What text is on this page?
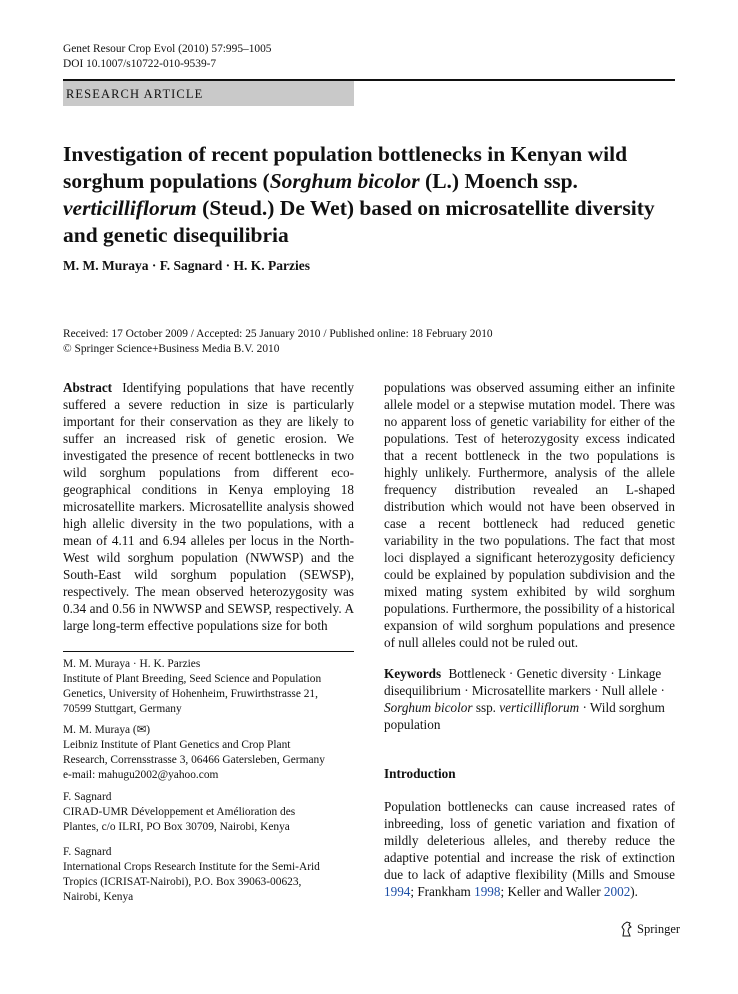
Genet Resour Crop Evol (2010) 57:995–1005
DOI 10.1007/s10722-010-9539-7
RESEARCH ARTICLE
Investigation of recent population bottlenecks in Kenyan wild sorghum populations (Sorghum bicolor (L.) Moench ssp. verticilliflorum (Steud.) De Wet) based on microsatellite diversity and genetic disequilibria
M. M. Muraya · F. Sagnard · H. K. Parzies
Received: 17 October 2009 / Accepted: 25 January 2010 / Published online: 18 February 2010
© Springer Science+Business Media B.V. 2010

Abstract Identifying populations that have recently suffered a severe reduction in size is particularly important for their conservation as they are likely to suffer an increased risk of genetic erosion. We investigated the presence of recent bottlenecks in two wild sorghum populations from different eco-geographical conditions in Kenya employing 18 microsatellite markers. Microsatellite analysis showed high allelic diversity in the two populations, with a mean of 4.11 and 6.94 alleles per locus in the North-West wild sorghum population (NWWSP) and the South-East wild sorghum population (SEWSP), respectively. The mean observed heterozygosity was 0.34 and 0.56 in NWWSP and SEWSP, respectively. A large long-term effective populations size for both

populations was observed assuming either an infinite allele model or a stepwise mutation model. There was no apparent loss of genetic variability for either of the populations. Test of heterozygosity excess indicated that a recent bottleneck in the two populations is highly unlikely. Furthermore, analysis of the allele frequency distribution revealed an L-shaped distribution which would not have been observed in case a recent bottleneck had reduced genetic variability in the two populations. The fact that most loci displayed a significant heterozygosity deficiency could be explained by population subdivision and the mixed mating system exhibited by wild sorghum populations. Furthermore, the possibility of a historical expansion of wild sorghum populations and presence of null alleles could not be ruled out.

M. M. Muraya · H. K. Parzies
Institute of Plant Breeding, Seed Science and Population
Genetics, University of Hohenheim, Fruwirthstrasse 21,
70599 Stuttgart, Germany
M. M. Muraya (✉)
Leibniz Institute of Plant Genetics and Crop Plant
Research, Corrensstrasse 3, 06466 Gatersleben, Germany
e-mail: mahugu2002@yahoo.com
F. Sagnard
CIRAD-UMR Développement et Amélioration des
Plantes, c/o ILRI, PO Box 30709, Nairobi, Kenya
F. Sagnard
International Crops Research Institute for the Semi-Arid
Tropics (ICRISAT-Nairobi), P.O. Box 39063-00623,
Nairobi, Kenya
Keywords Bottleneck · Genetic diversity · Linkage disequilibrium · Microsatellite markers · Null allele · Sorghum bicolor ssp. verticilliflorum · Wild sorghum population
Introduction
Population bottlenecks can cause increased rates of inbreeding, loss of genetic variation and fixation of mildly deleterious alleles, and thereby reduce the adaptive potential and increase the risk of extinction due to lack of adaptive flexibility (Mills and Smouse 1994; Frankham 1998; Keller and Waller 2002).
Springer
